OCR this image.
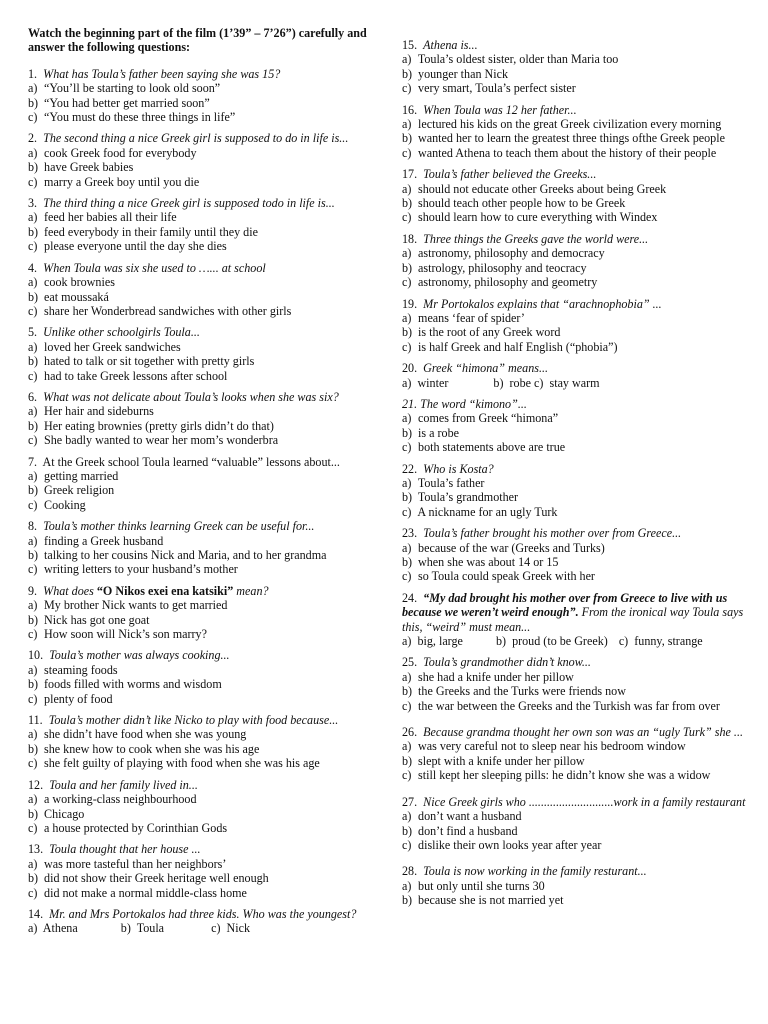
Watch the beginning part of the film (1’39” – 7’26”) carefully and answer the following questions:
1. What has Toula’s father been saying she was 15?
a) “You’ll be starting to look old soon”
b) “You had better get married soon”
c) “You must do these three things in life”
2. The second thing a nice Greek girl is supposed to do in life is...
a) cook Greek food for everybody
b) have Greek babies
c) marry a Greek boy until you die
3. The third thing a nice Greek girl is supposed todo in life is...
a) feed her babies all their life
b) feed everybody in their family until they die
c) please everyone until the day she dies
4. When Toula was six she used to …... at school
a) cook brownies
b) eat moussaká
c) share her Wonderbread sandwiches with other girls
5. Unlike other schoolgirls Toula...
a) loved her Greek sandwiches
b) hated to talk or sit together with pretty girls
c) had to take Greek lessons after school
6. What was not delicate about Toula’s looks when she was six?
a) Her hair and sideburns
b) Her eating brownies (pretty girls didn’t do that)
c) She badly wanted to wear her mom’s wonderbra
7. At the Greek school Toula learned “valuable” lessons about...
a) getting married
b) Greek religion
c) Cooking
8. Toula’s mother thinks learning Greek can be useful for...
a) finding a Greek husband
b) talking to her cousins Nick and Maria, and to her grandma
c) writing letters to your husband’s mother
9. What does “O Nikos exei ena katsiki” mean?
a) My brother Nick wants to get married
b) Nick has got one goat
c) How soon will Nick’s son marry?
10. Toula’s mother was always cooking...
a) steaming foods
b) foods filled with worms and wisdom
c) plenty of food
11. Toula’s mother didn’t like Nicko to play with food because...
a) she didn’t have food when she was young
b) she knew how to cook when she was his age
c) she felt guilty of playing with food when she was his age
12. Toula and her family lived in...
a) a working-class neighbourhood
b) Chicago
c) a house protected by Corinthian Gods
13. Toula thought that her house ...
a) was more tasteful than her neighbors’
b) did not show their Greek heritage well enough
c) did not make a normal middle-class home
14. Mr. and Mrs Portokalos had three kids. Who was the youngest?
a) Athena	b) Toula	c) Nick
15. Athena is...
a) Toula’s oldest sister, older than Maria too
b) younger than Nick
c) very smart, Toula’s perfect sister
16. When Toula was 12 her father...
a) lectured his kids on the great Greek civilization every morning
b) wanted her to learn the greatest three things ofthe Greek people
c) wanted Athena to teach them about the history of their people
17. Toula’s father believed the Greeks...
a) should not educate other Greeks about being Greek
b) should teach other people how to be Greek
c) should learn how to cure everything with Windex
18. Three things the Greeks gave the world were...
a) astronomy, philosophy and democracy
b) astrology, philosophy and teocracy
c) astronomy, philosophy and geometry
19. Mr Portokalos explains that “arachnophobia” ...
a) means ‘fear of spider’
b) is the root of any Greek word
c) is half Greek and half English (“phobia”)
20. Greek “himona” means...
a) winter	b) robe c) stay warm
21. The word “kimono”...
a) comes from Greek “himona”
b) is a robe
c) both statements above are true
22. Who is Kosta?
a) Toula’s father
b) Toula’s grandmother
c) A nickname for an ugly Turk
23. Toula’s father brought his mother over from Greece...
a) because of the war (Greeks and Turks)
b) when she was about 14 or 15
c) so Toula could speak Greek with her
24. “My dad brought his mother over from Greece to live with us because we weren’t weird enough”. From the ironical way Toula says this, “weird” must mean...
a) big, large	b) proud (to be Greek) c) funny, strange
25. Toula’s grandmother didn’t know...
a) she had a knife under her pillow
b) the Greeks and the Turks were friends now
c) the war between the Greeks and the Turkish was far from over
26. Because grandma thought her own son was an “ugly Turk” she ...
a) was very careful not to sleep near his bedroom window
b) slept with a knife under her pillow
c) still kept her sleeping pills: he didn’t know she was a widow
27. Nice Greek girls who ............................work in a family restaurant
a) don’t want a husband
b) don’t find a husband
c) dislike their own looks year after year
28. Toula is now working in the family resturant...
a) but only until she turns 30
b) because she is not married yet
